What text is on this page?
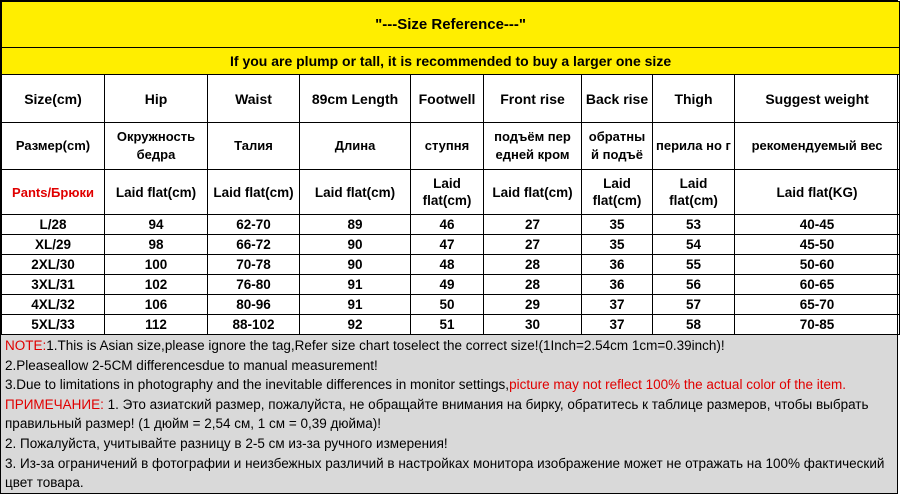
"---Size Reference---"								
If you are plump or tall, it is recommended to buy a larger one size								
Size(cm)	Hip	Waist	89cm Length	Footwell	Front rise	Back rise	Thigh	Suggest weight
Размер(cm)	Окружность бедра	Талия	Длина	ступня	подъём пер едней кром	обратны й подъё	перила но г	рекомендуемый вес
Pants/Брюки	Laid flat(cm)	Laid flat(cm)	Laid flat(cm)	Laid flat(cm)	Laid flat(cm)	Laid flat(cm)	Laid flat(cm)	Laid flat(KG)
L/28	94	62-70	89	46	27	35	53	40-45
XL/29	98	66-72	90	47	27	35	54	45-50
2XL/30	100	70-78	90	48	28	36	55	50-60
3XL/31	102	76-80	91	49	28	36	56	60-65
4XL/32	106	80-96	91	50	29	37	57	65-70
5XL/33	112	88-102	92	51	30	37	58	70-85

NOTE:1.This is Asian size,please ignore the tag,Refer size chart toselect the correct size!(1Inch=2.54cm 1cm=0.39inch)!

2.Pleaseallow 2-5CM differencesdue to manual measurement!

3.Due to limitations in photography and the inevitable differences in monitor settings,picture may not reflect 100% the actual color of the item.

ПРИМЕЧАНИЕ: 1. Это азиатский размер, пожалуйста, не обращайте внимания на бирку, обратитесь к таблице размеров, чтобы выбрать правильный размер! (1 дюйм = 2,54 см, 1 см = 0,39 дюйма)!

2. Пожалуйста, учитывайте разницу в 2-5 см из-за ручного измерения!

3. Из-за ограничений в фотографии и неизбежных различий в настройках монитора изображение может не отражать на 100% фактический цвет товара.
